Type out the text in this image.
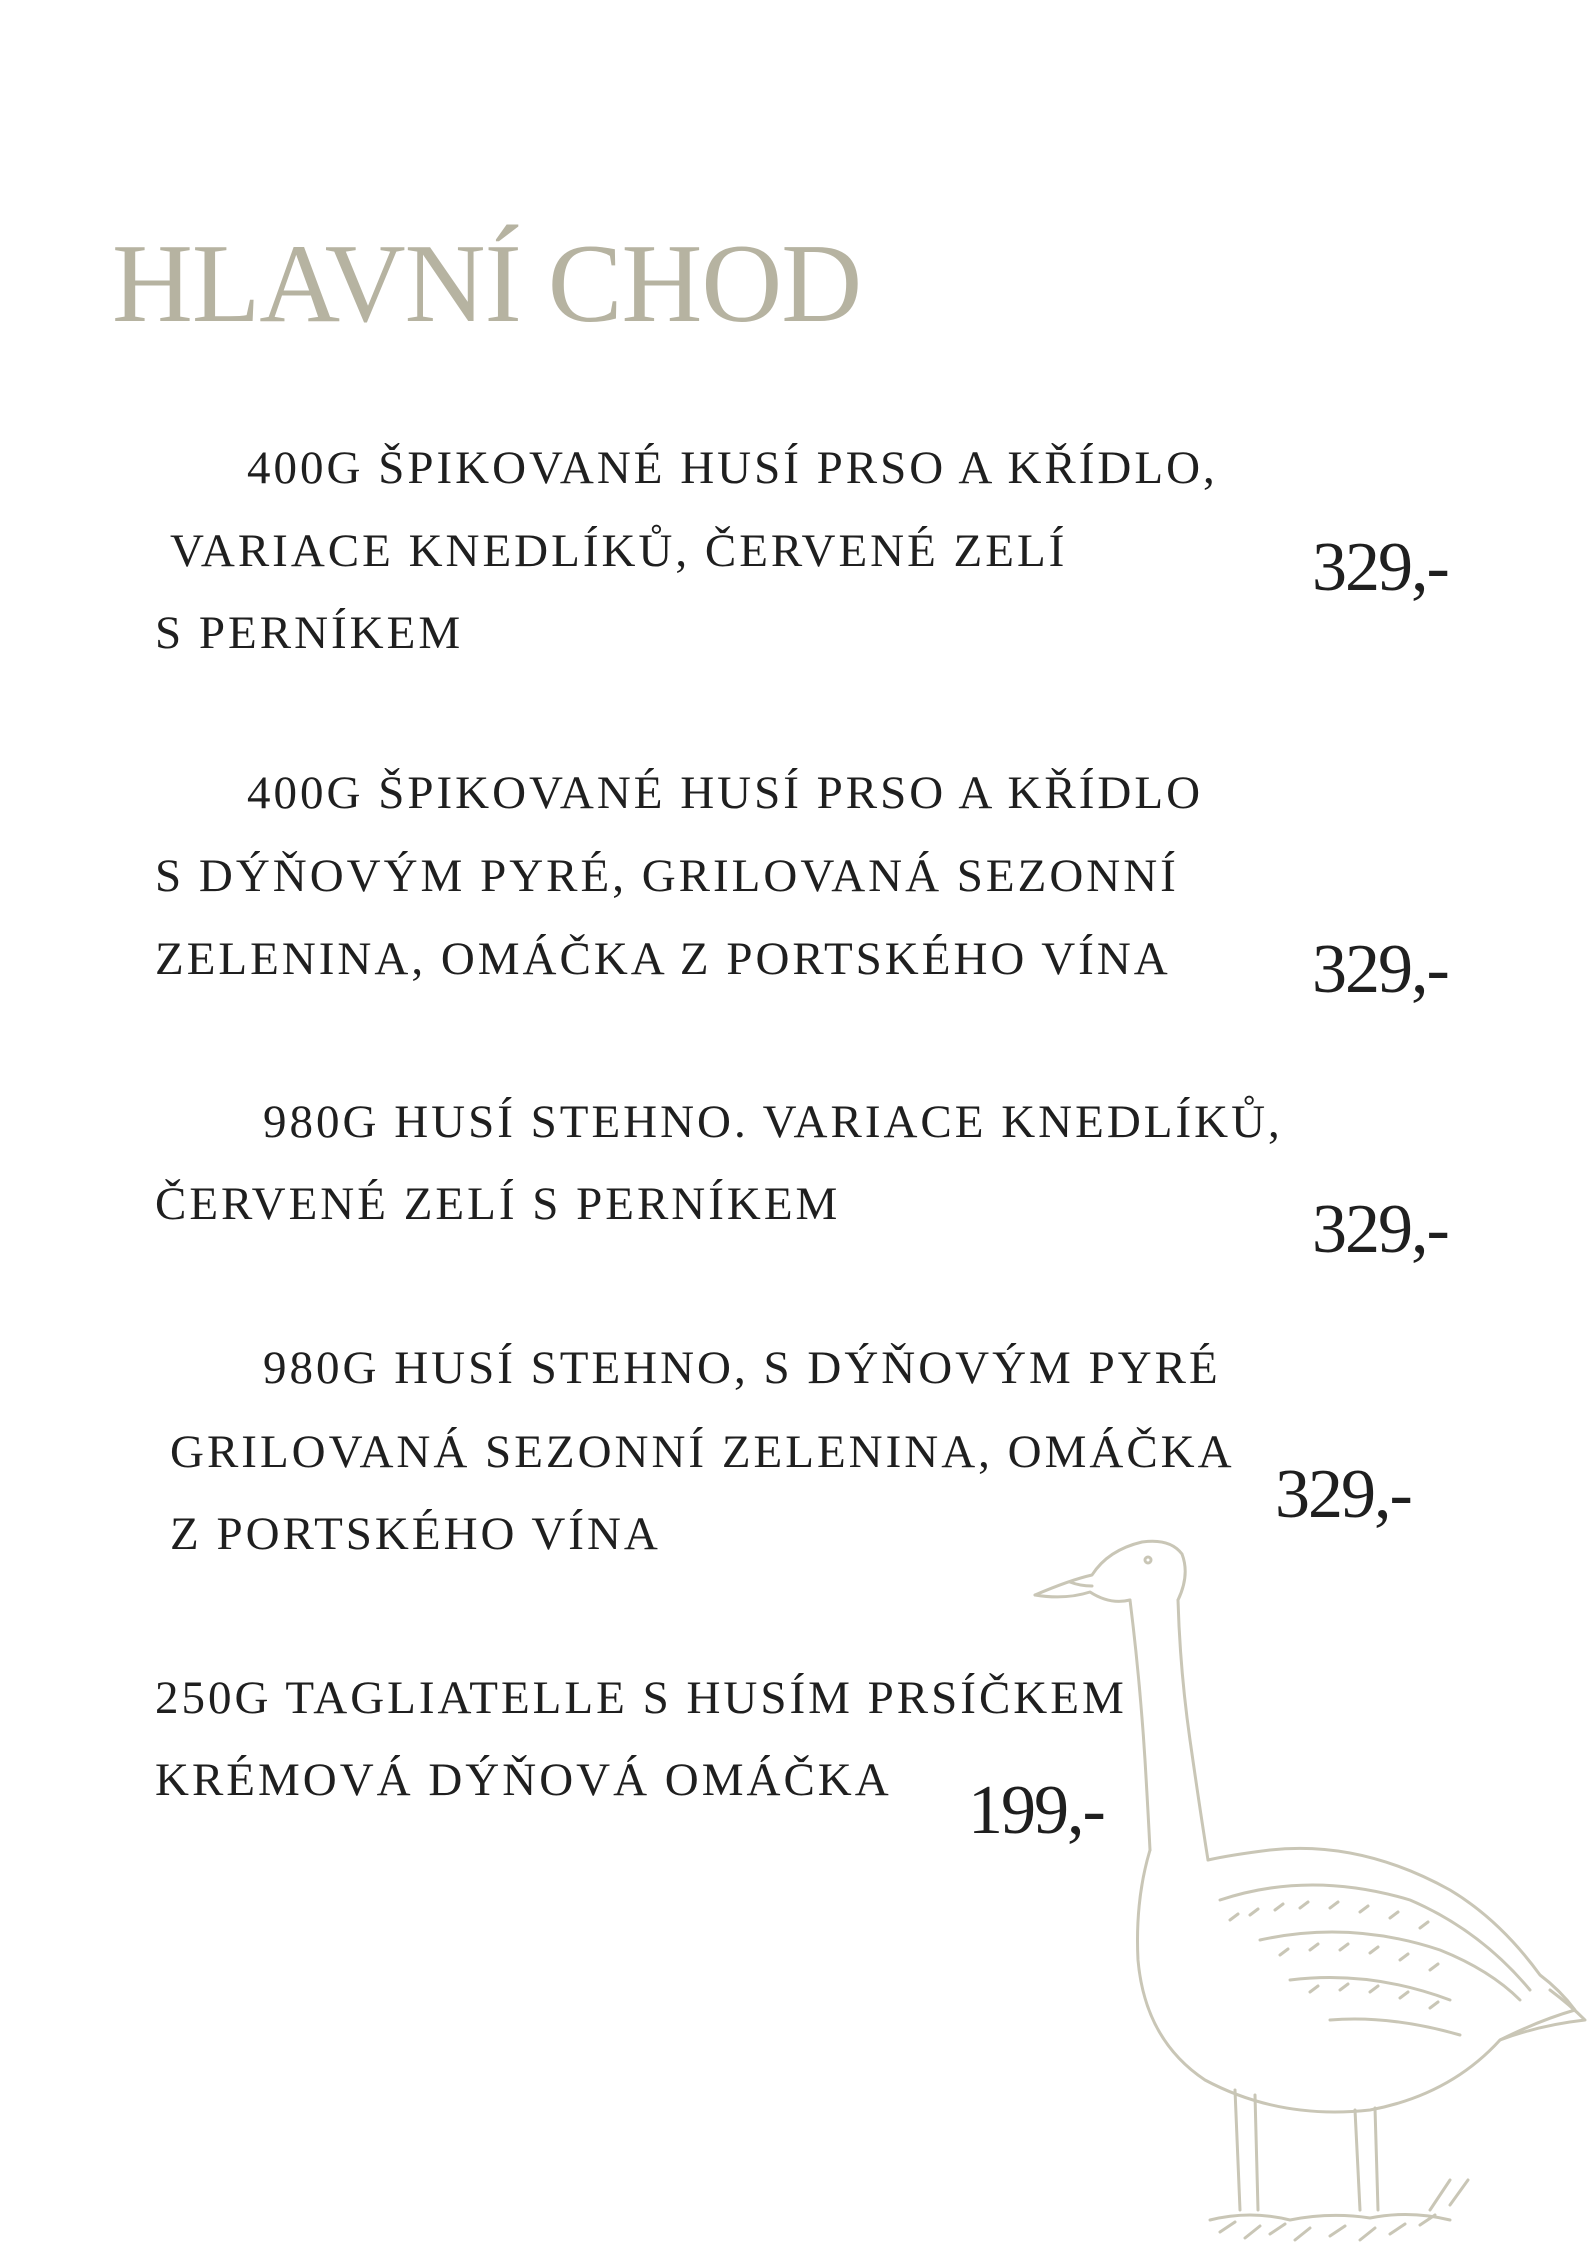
HLAVNÍ CHOD

400G ŠPIKOVANÉ HUSÍ PRSO A KŘÍDLO,

VARIACE KNEDLÍKŮ, ČERVENÉ ZELÍ

S PERNÍKEM

329,-

400G ŠPIKOVANÉ HUSÍ PRSO A KŘÍDLO

S DÝŇOVÝM PYRÉ, GRILOVANÁ SEZONNÍ

ZELENINA, OMÁČKA Z PORTSKÉHO VÍNA 329,-

980G HUSÍ STEHNO. VARIACE KNEDLÍKŮ,

ČERVENÉ ZELÍ S PERNÍKEM	329,-

980G HUSÍ STEHNO, S DÝŇOVÝM PYRÉ

GRILOVANÁ SEZONNÍ ZELENINA, OMÁČKA

Z PORTSKÉHO VÍNA

329,-

250G TAGLIATELLE S HUSÍM PRSÍČKEM

KRÉMOVÁ DÝŇOVÁ OMÁČKA 199,-
